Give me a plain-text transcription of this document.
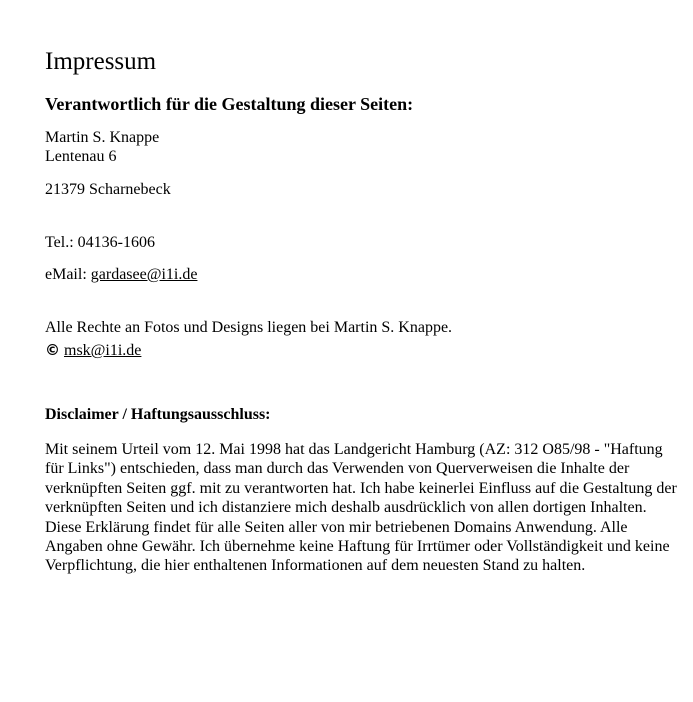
Impressum
Verantwortlich für die Gestaltung dieser Seiten:

Martin S. Knappe

Lentenau 6

21379 Scharnebeck

Tel.: 04136-1606

eMail: gardasee@i1i.de

Alle Rechte an Fotos und Designs liegen bei Martin S. Knappe.

© msk@i1i.de

Disclaimer / Haftungsausschluss:

Mit seinem Urteil vom 12. Mai 1998 hat das Landgericht Hamburg (AZ: 312 O85/98 - "Haftung für Links") entschieden, dass man durch das Verwenden von Querverweisen die Inhalte der verknüpften Seiten ggf. mit zu verantworten hat. Ich habe keinerlei Einfluss auf die Gestaltung der verknüpften Seiten und ich distanziere mich deshalb ausdrücklich von allen dortigen Inhalten. Diese Erklärung findet für alle Seiten aller von mir betriebenen Domains Anwendung. Alle Angaben ohne Gewähr. Ich übernehme keine Haftung für Irrtümer oder Vollständigkeit und keine Verpflichtung, die hier enthaltenen Informationen auf dem neuesten Stand zu halten.
